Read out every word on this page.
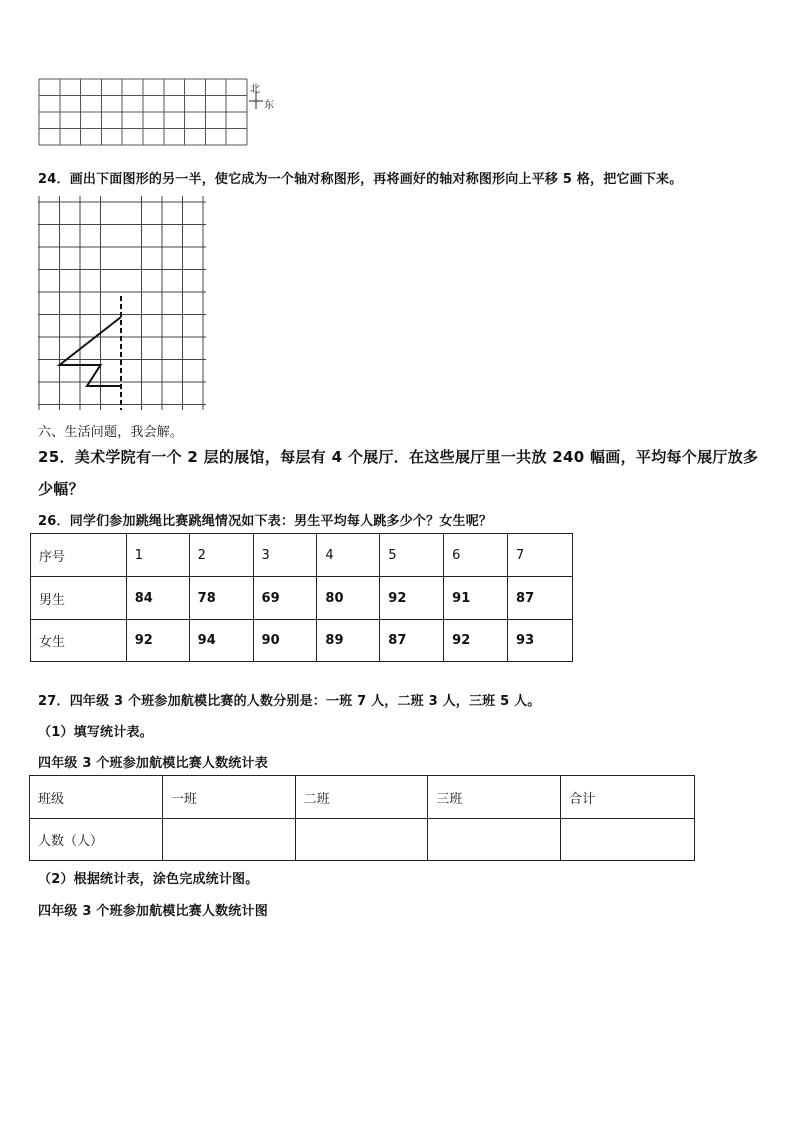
北
东
24．画出下面图形的另一半，使它成为一个轴对称图形，再将画好的轴对称图形向上平移 5 格，把它画下来。
六、生活问题，我会解。
25．美术学院有一个 2 层的展馆，每层有 4 个展厅．在这些展厅里一共放 240 幅画，平均每个展厅放多
少幅？
26．同学们参加跳绳比赛跳绳情况如下表：男生平均每人跳多少个？女生呢？
序号	1	2	3	4	5	6	7
男生	84	78	69	80	92	91	87
女生	92	94	90	89	87	92	93
27．四年级 3 个班参加航模比赛的人数分别是：一班 7 人，二班 3 人，三班 5 人。
（1）填写统计表。
四年级 3 个班参加航模比赛人数统计表
班级	一班	二班	三班	合计
人数（人）				
（2）根据统计表，涂色完成统计图。
四年级 3 个班参加航模比赛人数统计图
